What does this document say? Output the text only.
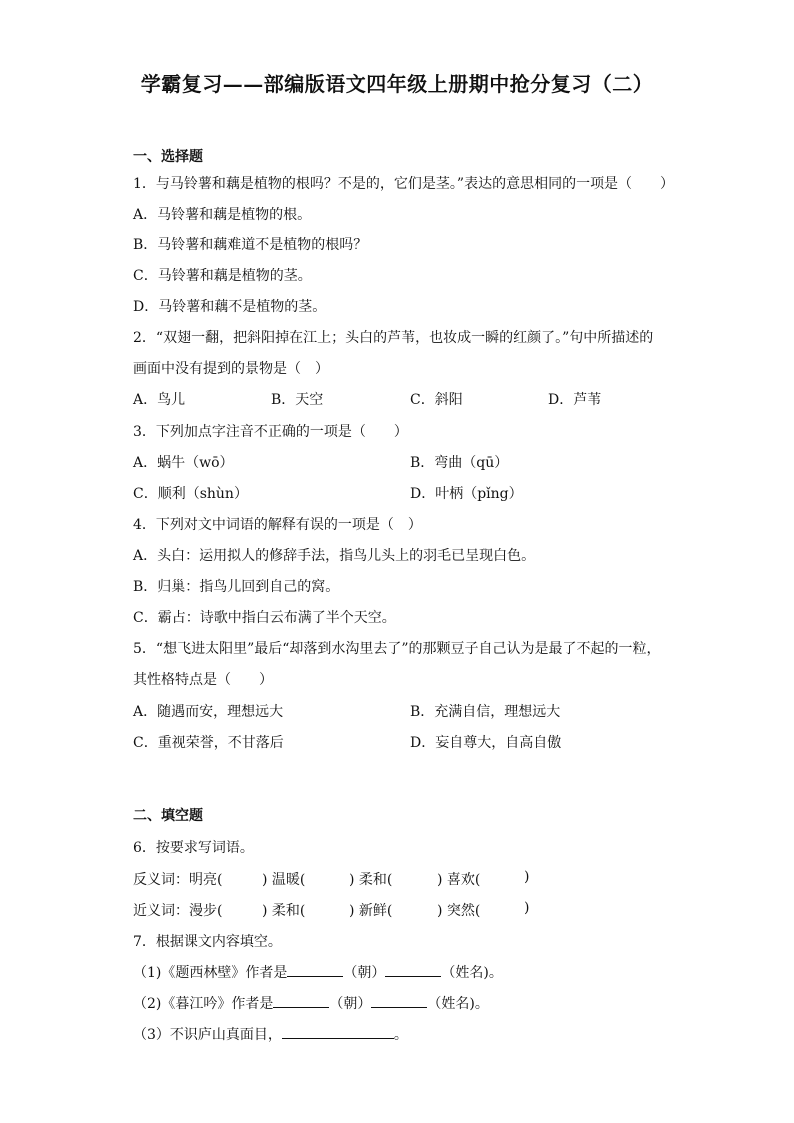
学霸复习——部编版语文四年级上册期中抢分复习（二）
一、选择题
1．与马铃薯和藕是植物的根吗？不是的，它们是茎。”表达的意思相同的一项是（　　）
A．马铃薯和藕是植物的根。
B．马铃薯和藕难道不是植物的根吗？
C．马铃薯和藕是植物的茎。
D．马铃薯和藕不是植物的茎。
2．“双翅一翻，把斜阳掉在江上；头白的芦苇，也妆成一瞬的红颜了。”句中所描述的
画面中没有提到的景物是（　）
A．鸟儿	B．天空	C．斜阳	D．芦苇
3．下列加点字注音不正确的一项是（　　）
A．蜗牛（wō）	B．弯曲（qū）
C．顺利（shùn）	D．叶柄（pǐng）
4．下列对文中词语的解释有误的一项是（　）
A．头白：运用拟人的修辞手法，指鸟儿头上的羽毛已呈现白色。
B．归巢：指鸟儿回到自己的窝。
C．霸占：诗歌中指白云布满了半个天空。
5．“想飞进太阳里”最后“却落到水沟里去了”的那颗豆子自己认为是最了不起的一粒，
其性格特点是（　　）
A．随遇而安，理想远大	B．充满自信，理想远大
C．重视荣誉，不甘落后	D．妄自尊大，自高自傲
二、填空题
6．按要求写词语。
反义词： 明亮(	) 温暖(	) 柔和(	) 喜欢(	)
近义词： 漫步(	) 柔和(	) 新鲜(	) 突然(	)
7．根据课文内容填空。
（1)《题西林壁》作者是	（朝）	（姓名)。
（2)《暮江吟》作者是	（朝）	（姓名)。
（3）不识庐山真面目，	。
